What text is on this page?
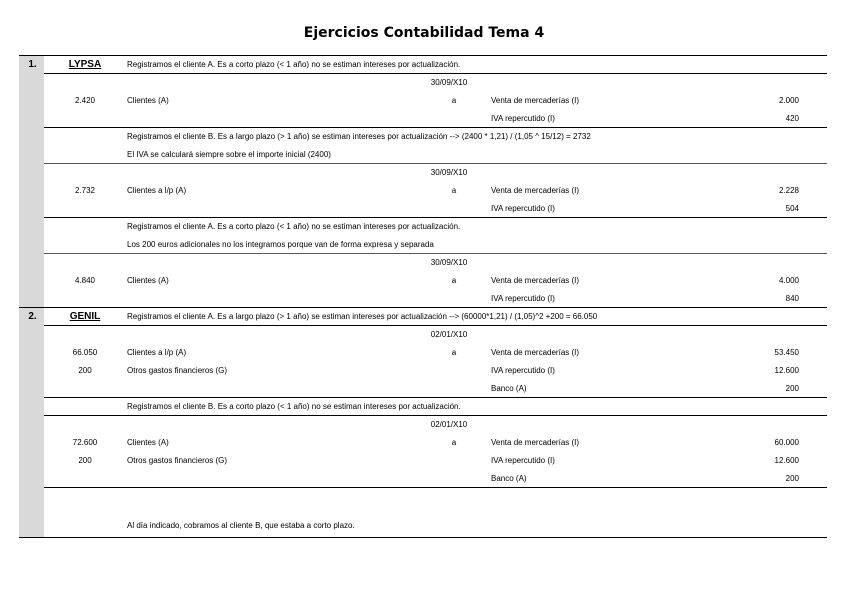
Ejercicios Contabilidad Tema 4
1.	LYPSA	Registramos el cliente A. Es a corto plazo (< 1 año) no se estiman intereses por actualización.
30/09/X10
2.420	Clientes (A)	a	Venta de mercaderías (I)	2.000
IVA repercutido (I)	420
Registramos el cliente B. Es a largo plazo (> 1 año) se estiman intereses por actualización --> (2400 * 1,21) / (1,05 ^ 15/12) = 2732
El IVA se calculará siempre sobre el importe inicial (2400)
30/09/X10
2.732	Clientes a l/p (A)	a	Venta de mercaderías (I)	2.228
IVA repercutido (I)	504
Registramos el cliente A. Es a corto plazo (< 1 año) no se estiman intereses por actualización.
Los 200 euros adicionales no los integramos porque van de forma expresa y separada
30/09/X10
4.840	Clientes (A)	a	Venta de mercaderías (I)	4.000
IVA repercutido (I)	840
2.	GENIL	Registramos el cliente A. Es a largo plazo (> 1 año) se estiman intereses por actualización --> (60000*1,21) / (1,05)^2 +200 = 66.050
02/01/X10
66.050	Clientes a l/p (A)	a	Venta de mercaderías (I)	53.450
200	Otros gastos financieros (G)	IVA repercutido (I)	12.600
Banco (A)	200
Registramos el cliente B. Es a corto plazo (< 1 año) no se estiman intereses por actualización.
02/01/X10
72.600	Clientes (A)	a	Venta de mercaderías (I)	60.000
200	Otros gastos financieros (G)	IVA repercutido (I)	12.600
Banco (A)	200
Al día indicado, cobramos al cliente B, que estaba a corto plazo.
